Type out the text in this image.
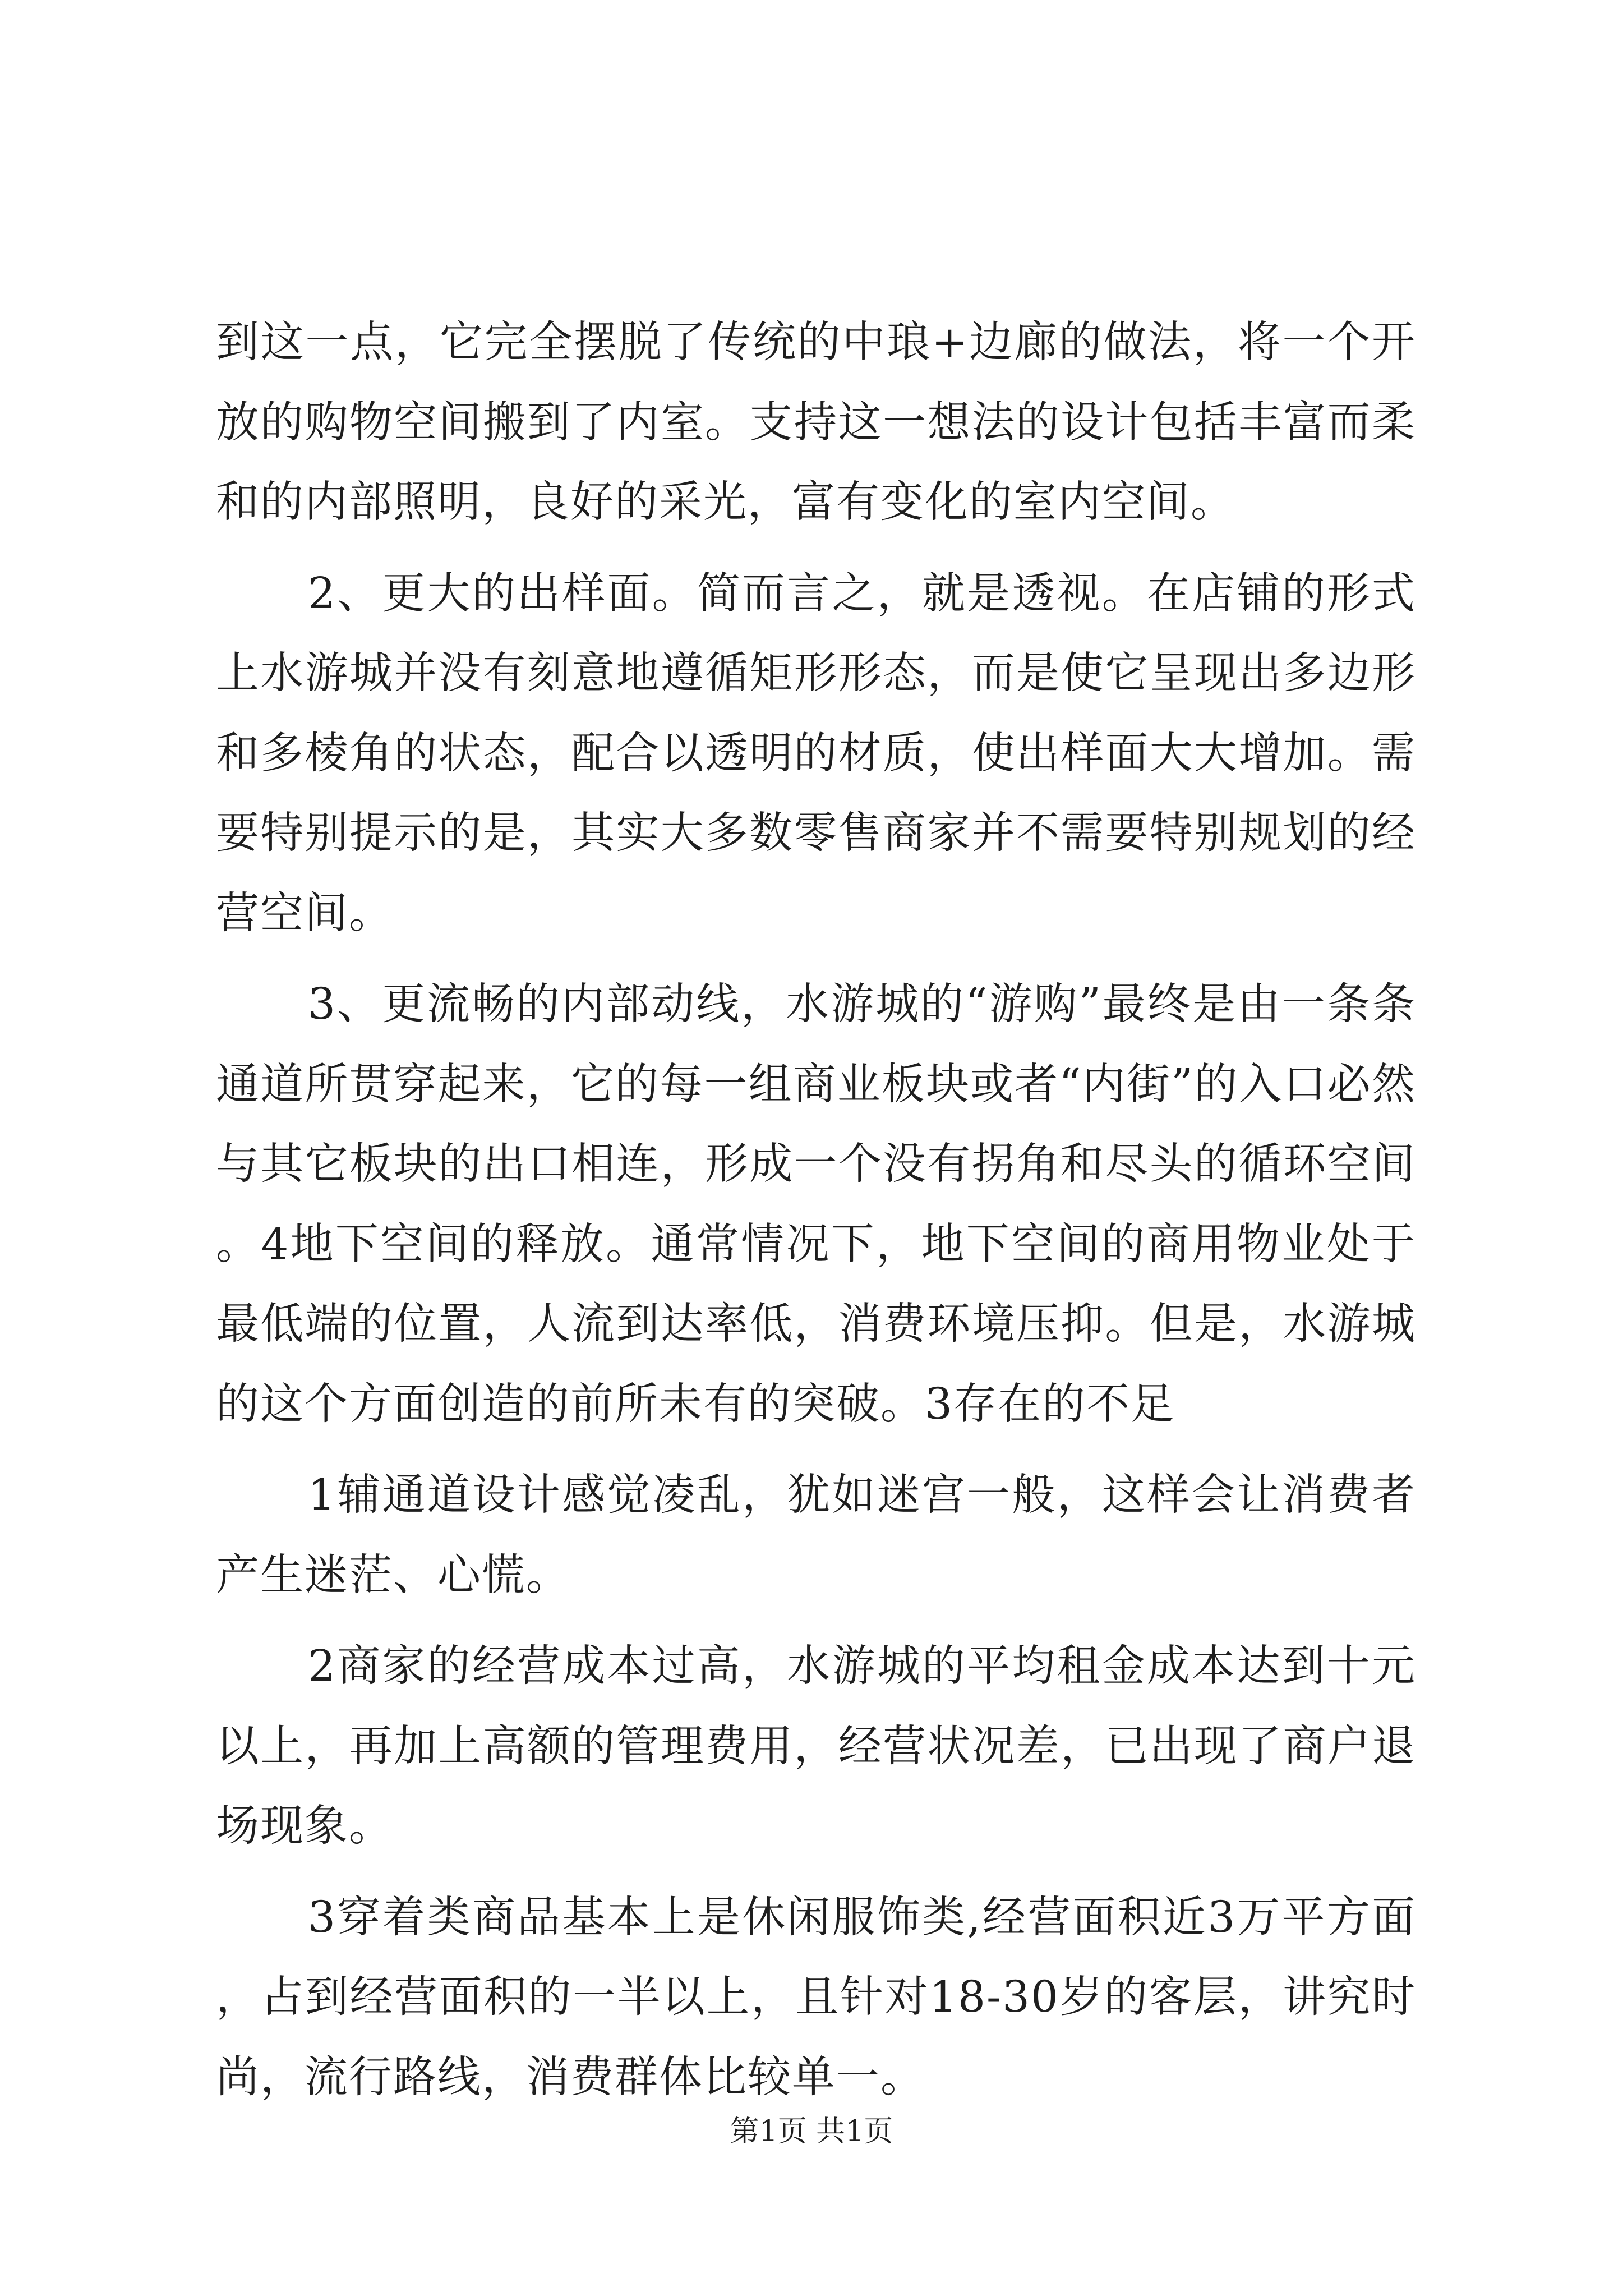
到这一点，它完全摆脱了传统的中琅+边廊的做法，将一个开放的购物空间搬到了内室。支持这一想法的设计包括丰富而柔和的内部照明，良好的采光，富有变化的室内空间。

2、更大的出样面。简而言之，就是透视。在店铺的形式上水游城并没有刻意地遵循矩形形态，而是使它呈现出多边形和多棱角的状态，配合以透明的材质，使出样面大大增加。需要特别提示的是，其实大多数零售商家并不需要特别规划的经营空间。

3、更流畅的内部动线，水游城的“游购”最终是由一条条通道所贯穿起来，它的每一组商业板块或者“内街”的入口必然与其它板块的出口相连，形成一个没有拐角和尽头的循环空间。4地下空间的释放。通常情况下，地下空间的商用物业处于最低端的位置，人流到达率低，消费环境压抑。但是，水游城的这个方面创造的前所未有的突破。3存在的不足

1辅通道设计感觉凌乱，犹如迷宫一般，这样会让消费者产生迷茫、心慌。

2商家的经营成本过高，水游城的平均租金成本达到十元以上，再加上高额的管理费用，经营状况差，已出现了商户退场现象。

3穿着类商品基本上是休闲服饰类,经营面积近3万平方面，占到经营面积的一半以上，且针对18-30岁的客层，讲究时尚，流行路线，消费群体比较单一。

第1页 共1页
